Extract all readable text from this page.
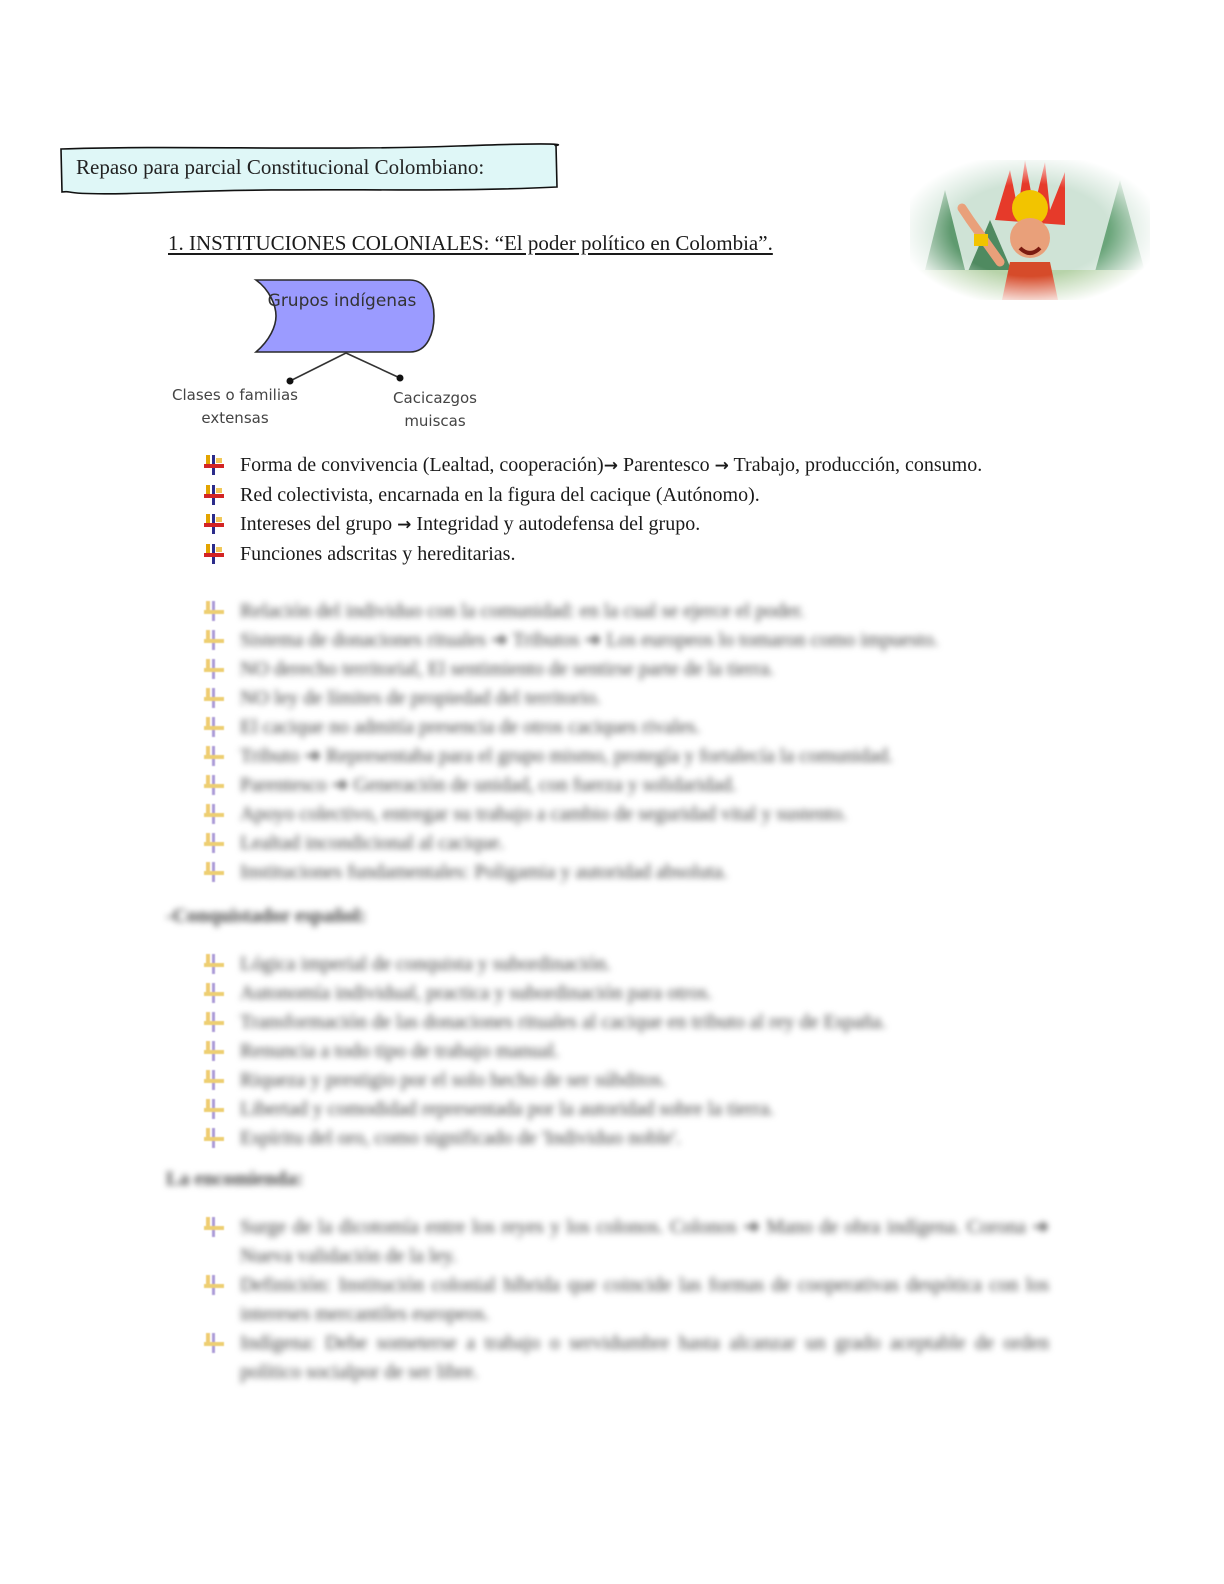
Repaso para parcial Constitucional Colombiano:
1. INSTITUCIONES COLONIALES: “El poder político en Colombia”.
Grupos indígenas
Clases o familias extensas
Cacicazgos muiscas
Forma de convivencia (Lealtad, cooperación)→ Parentesco → Trabajo, producción, consumo.
Red colectivista, encarnada en la figura del cacique (Autónomo).
Intereses del grupo → Integridad y autodefensa del grupo.
Funciones adscritas y hereditarias.
Relación del individuo con la comunidad: en la cual se ejerce el poder.
Sistema de donaciones rituales ➜ Tributos ➜ Los europeos lo tomaron como impuesto.
NO derecho territorial, El sentimiento de sentirse parte de la tierra.
NO ley de límites de propiedad del territorio.
El cacique no admitía presencia de otros caciques rivales.
Tributo ➜ Representaba para el grupo mismo, protegía y fortalecía la comunidad.
Parentesco ➜ Generación de unidad, con fuerza y solidaridad.
Apoyo colectivo, entregar su trabajo a cambio de seguridad vital y sustento.
Lealtad incondicional al cacique.
Instituciones fundamentales: Poligamia y autoridad absoluta.
-Conquistador español:
Lógica imperial de conquista y subordinación.
Autonomía individual, practica y subordinación para otros.
Transformación de las donaciones rituales al cacique en tributo al rey de España.
Renuncia a todo tipo de trabajo manual.
Riqueza y prestigio por el solo hecho de ser súbditos.
Libertad y comodidad representada por la autoridad sobre la tierra.
Espíritu del oro, como significado de 'Individuo noble'.
La encomienda:
Surge de la dicotomía entre los reyes y los colonos. Colonos ➜ Mano de obra indígena. Corona ➜ Nueva validación de la ley.
Definición: Institución colonial híbrida que coincide las formas de cooperativas despótica con los intereses mercantiles europeos.
Indígena: Debe someterse a trabajo o servidumbre hasta alcanzar un grado aceptable de orden político socialpor de ser libre.
